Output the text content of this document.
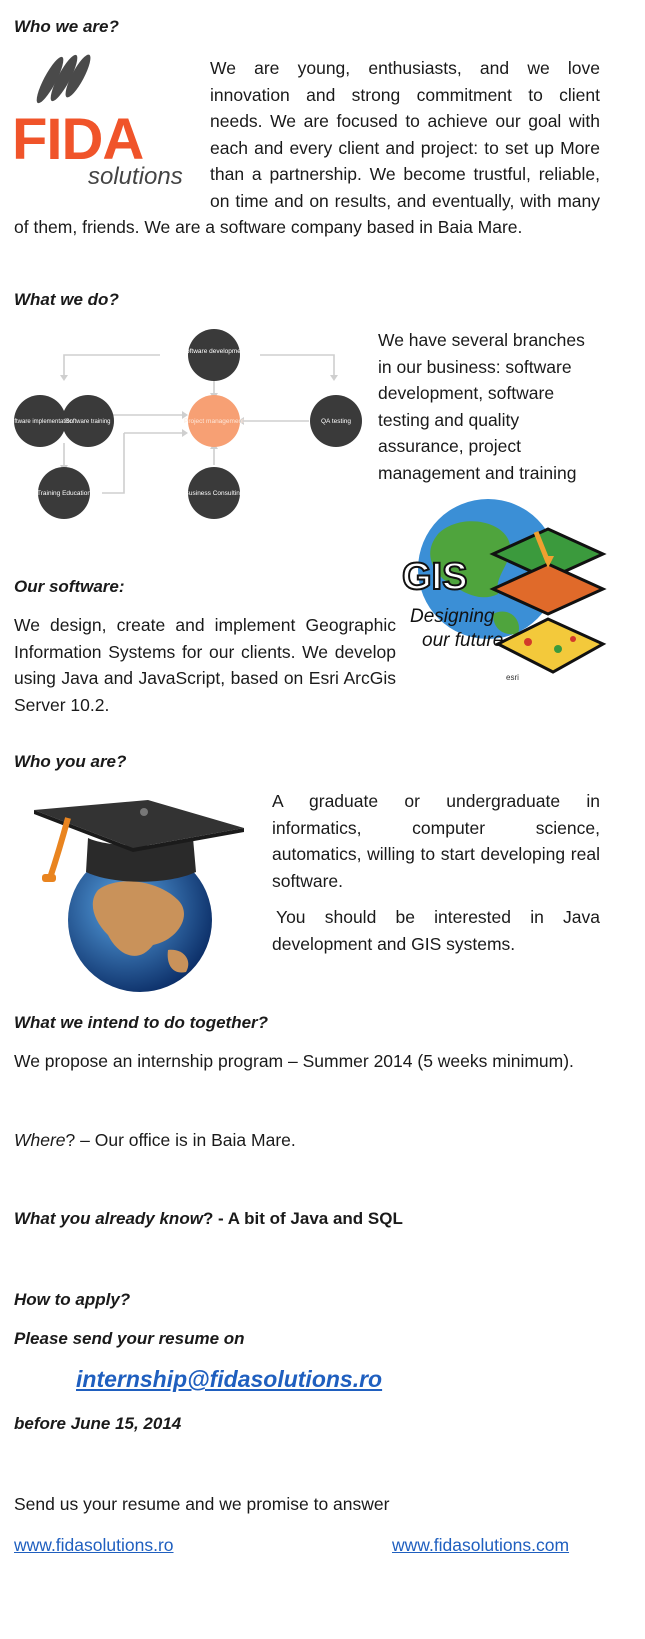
Who we are?
FIDA
solutions
We are young, enthusiasts, and we love innovation and strong commitment to client needs. We are focused to achieve our goal with each and every client and project: to set up More than a partnership. We become trustful, reliable, on time and on results, and eventually, with many of them, friends. We are a software company based in Baia Mare.
What we do?
Software development
Software implementation
Software training	Project management	QA testing
Training Education	Business Consulting
We have several branches in our business: software development, software testing and quality assurance, project management and training
GIS
Designing
our future
esri
Our software:
We design, create and implement Geographic Information Systems for our clients. We develop using Java and JavaScript, based on Esri ArcGis Server 10.2.
Who you are?
A graduate or undergraduate in informatics, computer science, automatics, willing to start developing real software.
You should be interested in Java development and GIS systems.
What we intend to do together?
We propose an internship program – Summer 2014 (5 weeks minimum).
Where? – Our office is in Baia Mare.
What you already know? - A bit of Java and SQL
How to apply?
Please send your resume on
internship@fidasolutions.ro
before June 15, 2014
Send us your resume and we promise to answer
www.fidasolutions.ro	www.fidasolutions.com
